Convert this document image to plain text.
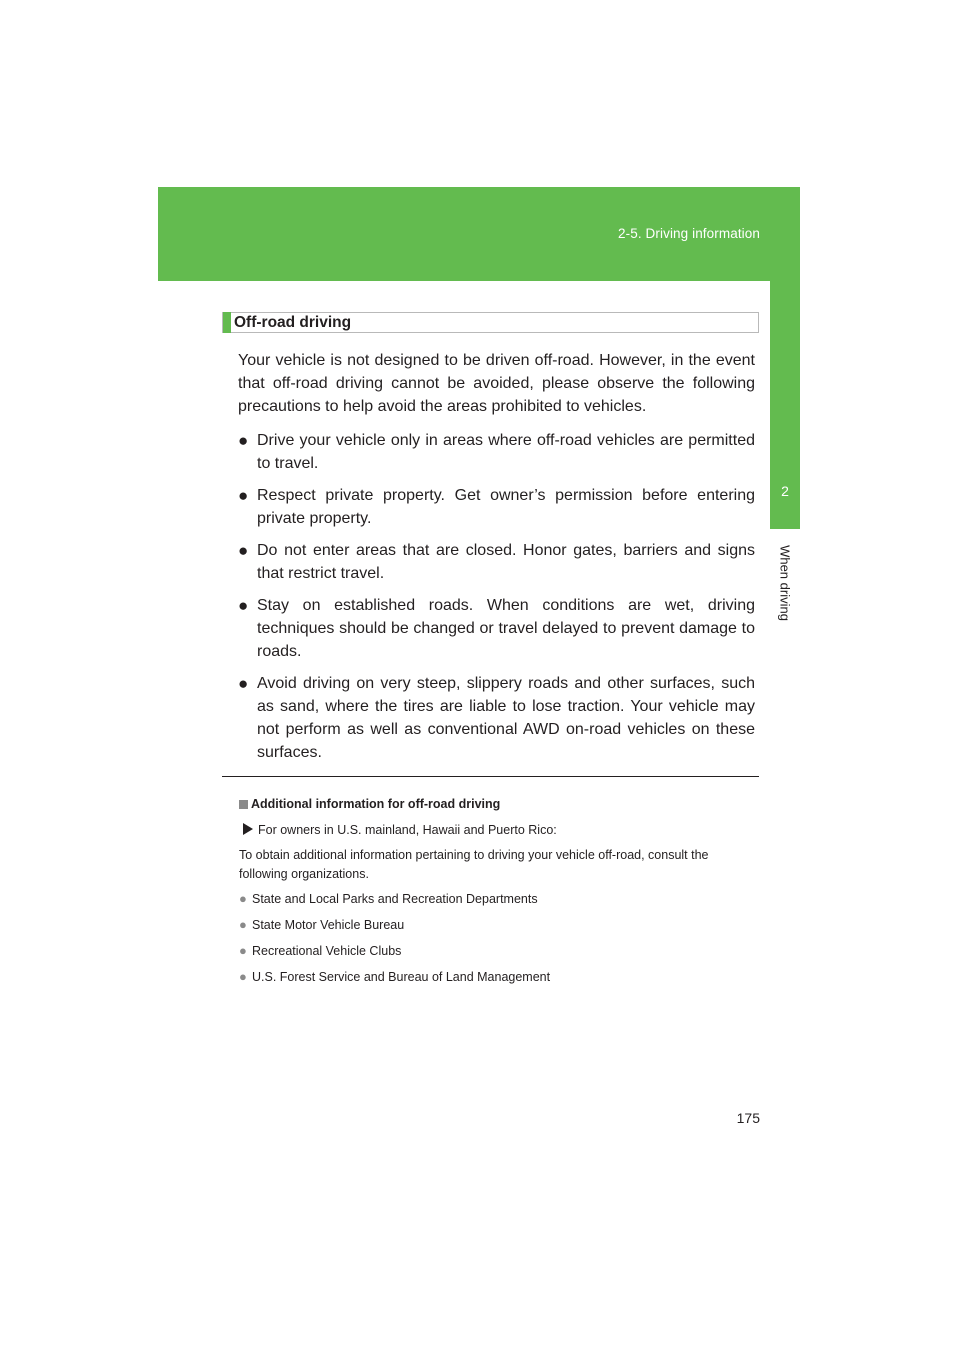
2-5. Driving information
2
When driving
Off-road driving
Your vehicle is not designed to be driven off-road. However, in the event that off-road driving cannot be avoided, please observe the following precautions to help avoid the areas prohibited to vehicles.
● Drive your vehicle only in areas where off-road vehicles are permitted to travel.
● Respect private property. Get owner’s permission before entering private property.
● Do not enter areas that are closed. Honor gates, barriers and signs that restrict travel.
● Stay on established roads. When conditions are wet, driving techniques should be changed or travel delayed to prevent damage to roads.
● Avoid driving on very steep, slippery roads and other surfaces, such as sand, where the tires are liable to lose traction. Your vehicle may not perform as well as conventional AWD on-road vehicles on these surfaces.
Additional information for off-road driving
For owners in U.S. mainland, Hawaii and Puerto Rico:
To obtain additional information pertaining to driving your vehicle off-road, consult the following organizations.
● State and Local Parks and Recreation Departments
● State Motor Vehicle Bureau
● Recreational Vehicle Clubs
● U.S. Forest Service and Bureau of Land Management
175
